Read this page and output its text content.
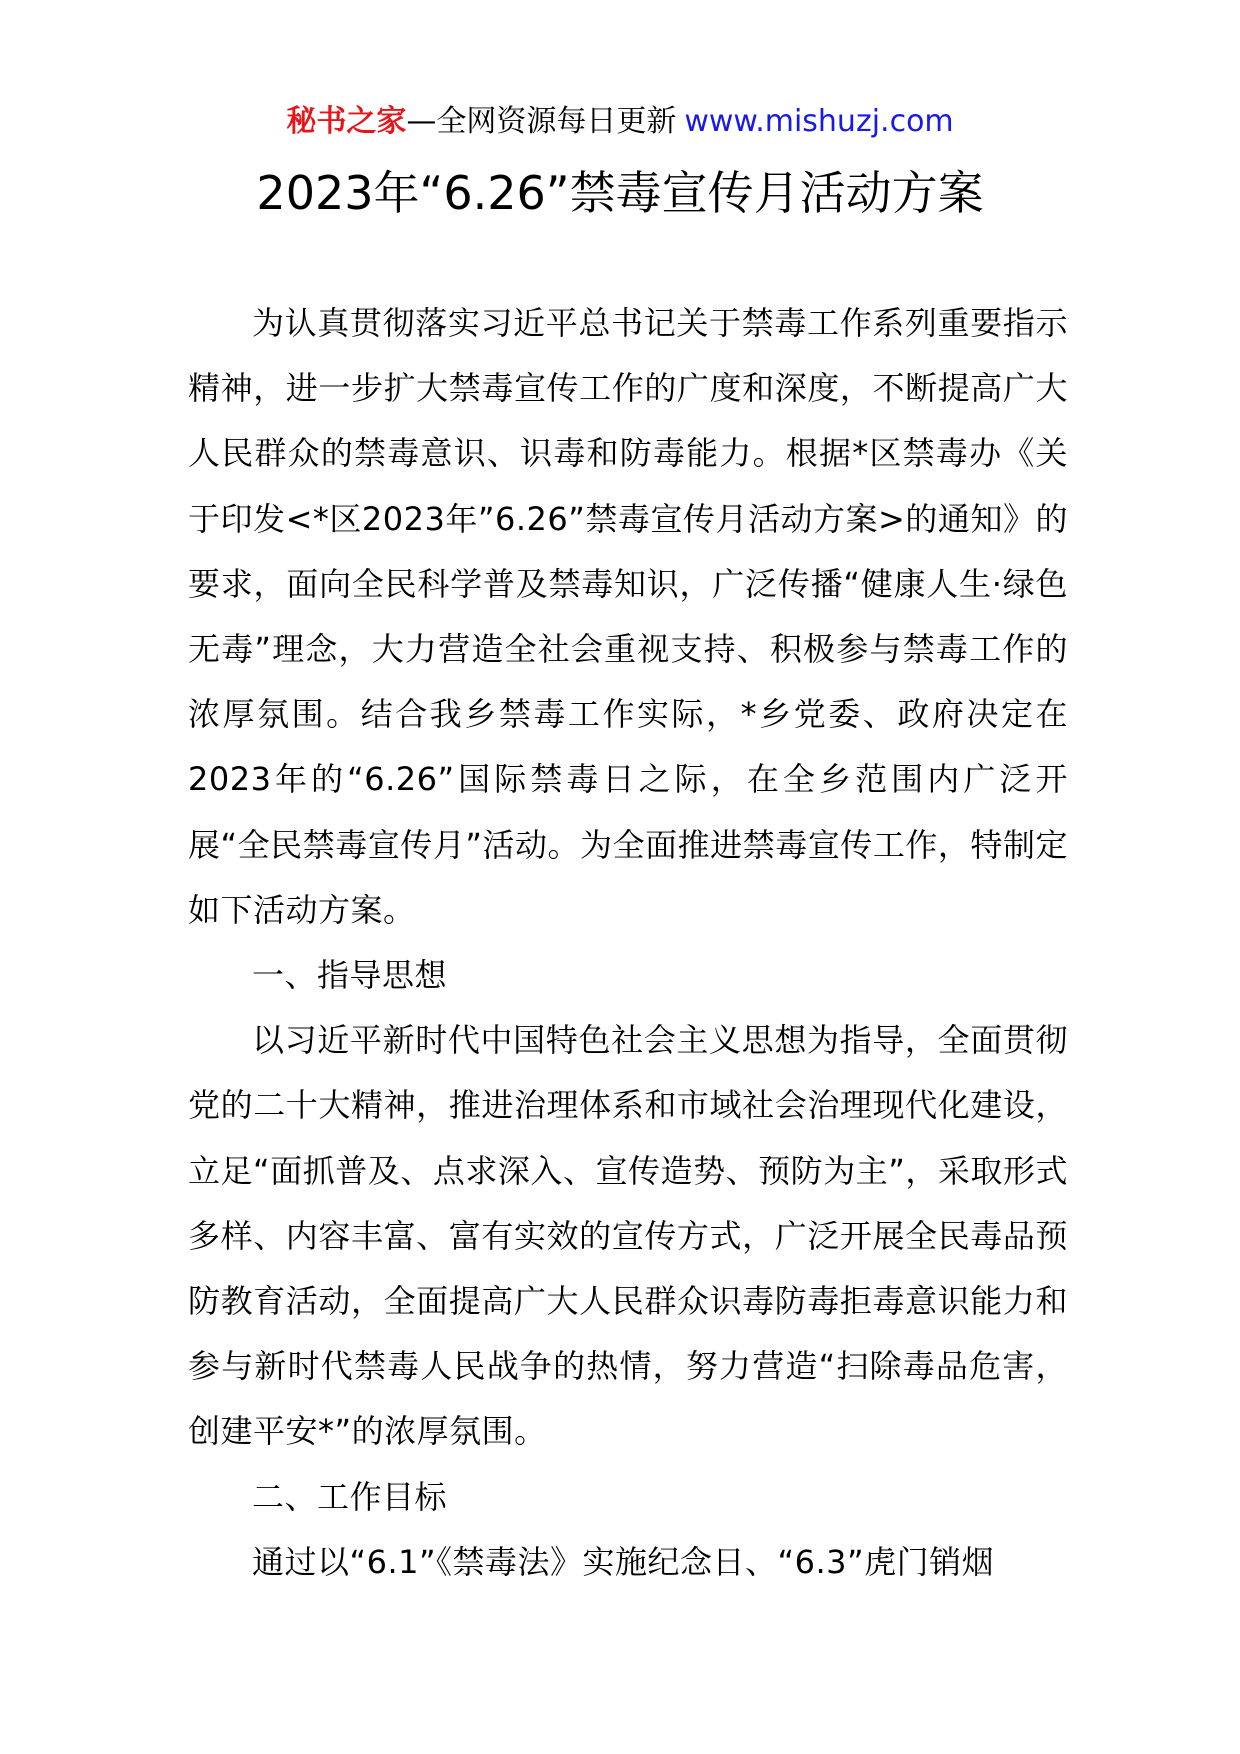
秘书之家—全网资源每日更新 www.mishuzj.com
2023年“6.26”禁毒宣传月活动方案

为认真贯彻落实习近平总书记关于禁毒工作系列重要指示精神，进一步扩大禁毒宣传工作的广度和深度，不断提高广大人民群众的禁毒意识、识毒和防毒能力。根据*区禁毒办《关于印发<*区2023年”6.26”禁毒宣传月活动方案>的通知》的要求，面向全民科学普及禁毒知识，广泛传播“健康人生·绿色无毒”理念，大力营造全社会重视支持、积极参与禁毒工作的浓厚氛围。结合我乡禁毒工作实际，*乡党委、政府决定在2023年的“6.26”国际禁毒日之际，在全乡范围内广泛开展“全民禁毒宣传月”活动。为全面推进禁毒宣传工作，特制定如下活动方案。

一、指导思想

以习近平新时代中国特色社会主义思想为指导，全面贯彻党的二十大精神，推进治理体系和市域社会治理现代化建设，立足“面抓普及、点求深入、宣传造势、预防为主”，采取形式多样、内容丰富、富有实效的宣传方式，广泛开展全民毒品预防教育活动，全面提高广大人民群众识毒防毒拒毒意识能力和参与新时代禁毒人民战争的热情，努力营造“扫除毒品危害，创建平安*”的浓厚氛围。

二、工作目标

通过以“6.1”《禁毒法》实施纪念日、“6.3”虎门销烟
